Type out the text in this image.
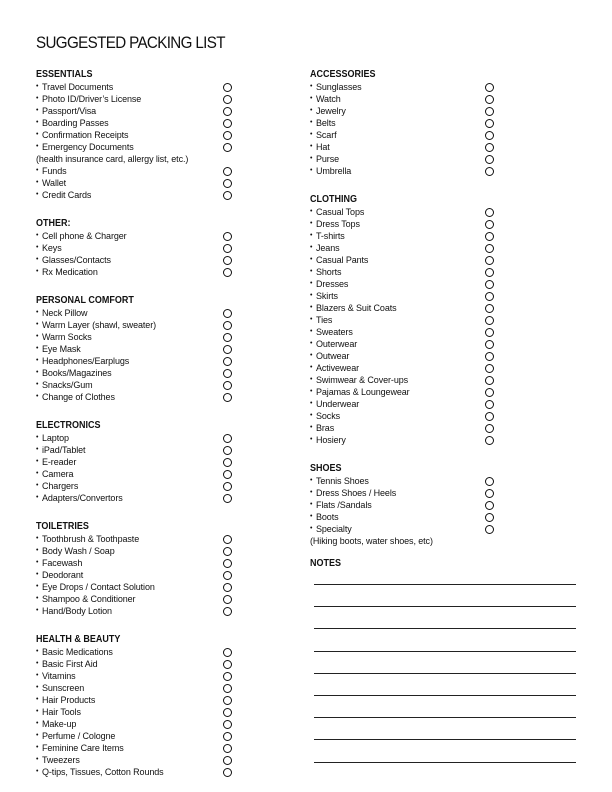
SUGGESTED PACKING LIST
ESSENTIALS
• Travel Documents
• Photo ID/Driver’s License
• Passport/Visa
• Boarding Passes
• Confirmation Receipts
• Emergency Documents
(health insurance card, allergy list, etc.)
• Funds
• Wallet
• Credit Cards
OTHER:
• Cell phone & Charger
• Keys
• Glasses/Contacts
• Rx Medication
PERSONAL COMFORT
• Neck Pillow
• Warm Layer (shawl, sweater)
• Warm Socks
• Eye Mask
• Headphones/Earplugs
• Books/Magazines
• Snacks/Gum
• Change of Clothes
ELECTRONICS
• Laptop
• iPad/Tablet
• E-reader
• Camera
• Chargers
• Adapters/Convertors
TOILETRIES
• Toothbrush & Toothpaste
• Body Wash / Soap
• Facewash
• Deodorant
• Eye Drops / Contact Solution
• Shampoo & Conditioner
• Hand/Body Lotion
HEALTH & BEAUTY
• Basic Medications
• Basic First Aid
• Vitamins
• Sunscreen
• Hair Products
• Hair Tools
• Make-up
• Perfume / Cologne
• Feminine Care Items
• Tweezers
• Q-tips, Tissues, Cotton Rounds
ACCESSORIES
• Sunglasses
• Watch
• Jewelry
• Belts
• Scarf
• Hat
• Purse
• Umbrella
CLOTHING
• Casual Tops
• Dress Tops
• T-shirts
• Jeans
• Casual Pants
• Shorts
• Dresses
• Skirts
• Blazers & Suit Coats
• Ties
• Sweaters
• Outerwear
• Outwear
• Activewear
• Swimwear & Cover-ups
• Pajamas & Loungewear
• Underwear
• Socks
• Bras
• Hosiery
SHOES
• Tennis Shoes
• Dress Shoes / Heels
• Flats /Sandals
• Boots
• Specialty
(Hiking boots, water shoes, etc)
NOTES
